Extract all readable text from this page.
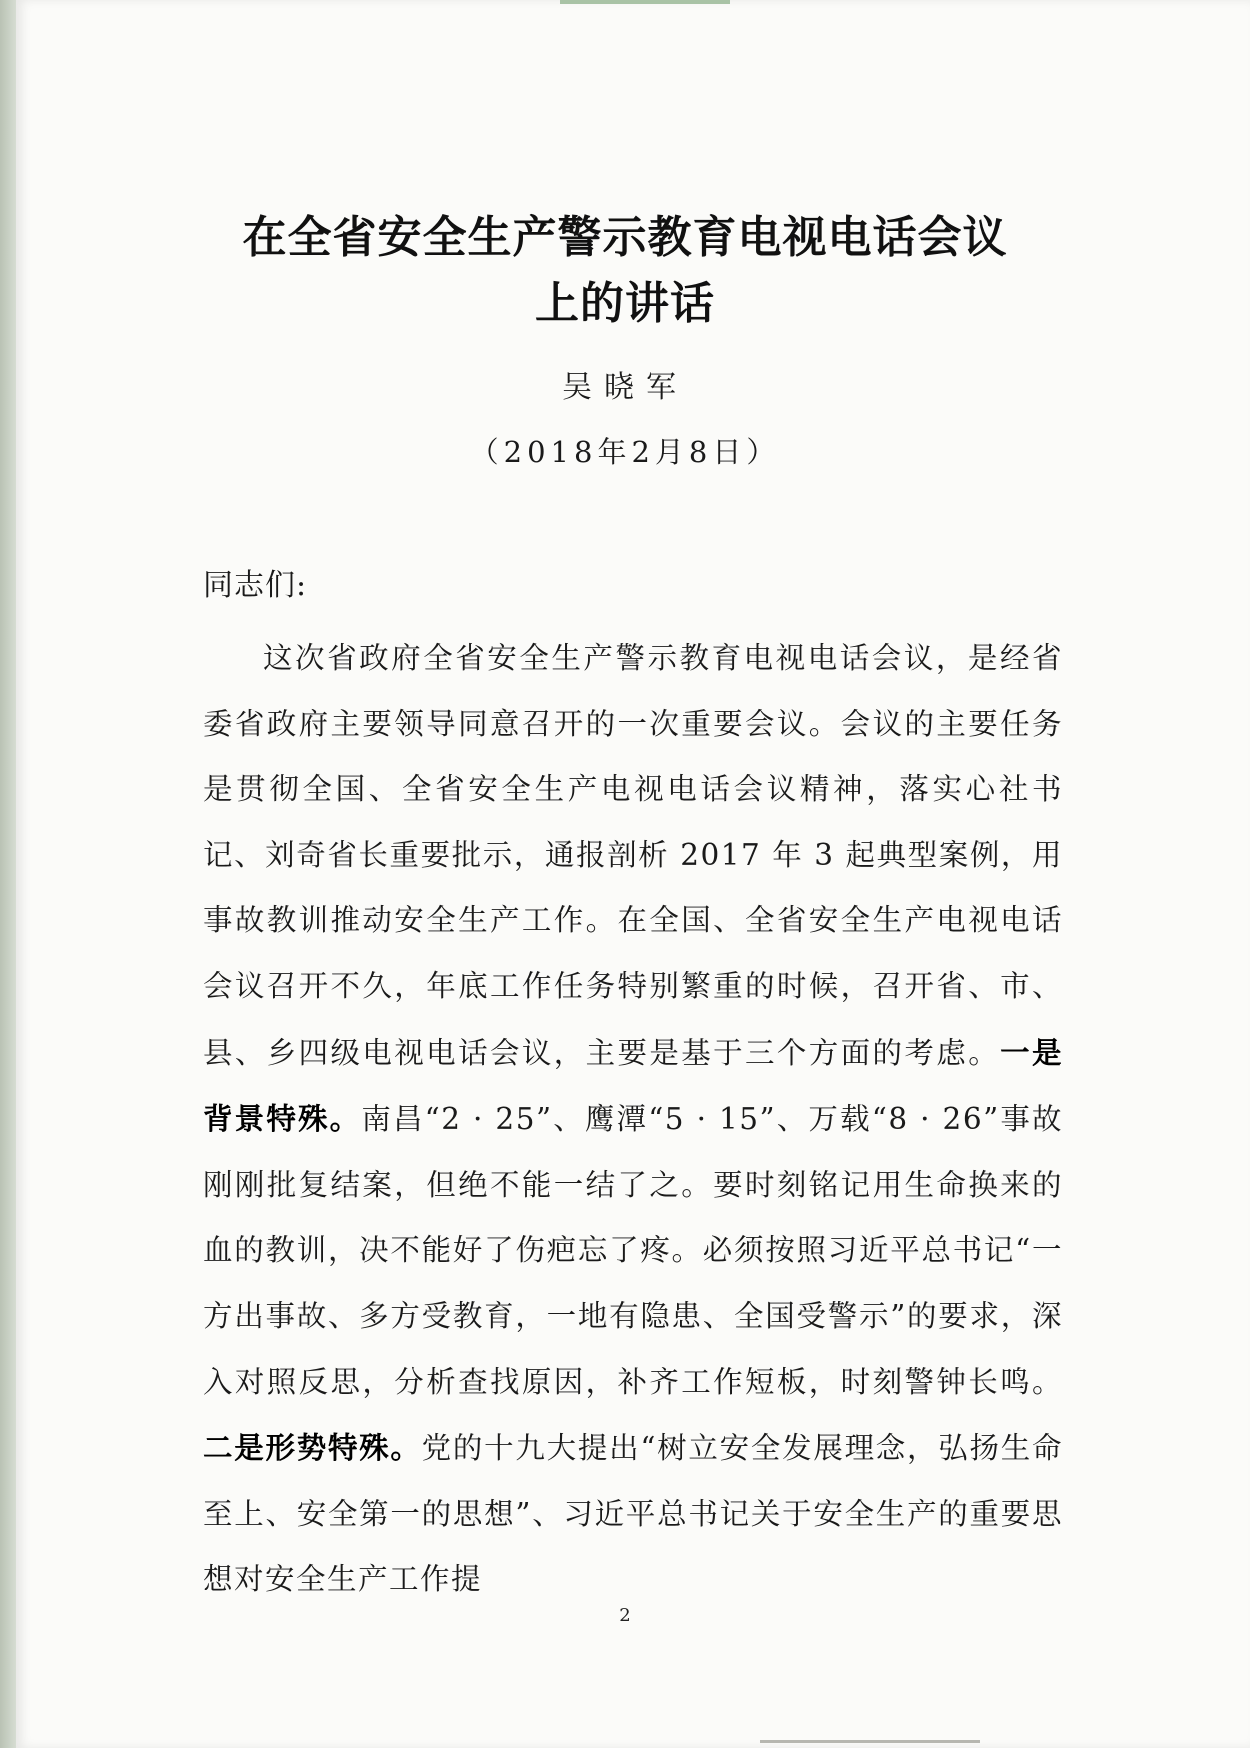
在全省安全生产警示教育电视电话会议
上的讲话
吴晓军
（2018年2月8日）
同志们:

这次省政府全省安全生产警示教育电视电话会议，是经省委省政府主要领导同意召开的一次重要会议。会议的主要任务是贯彻全国、全省安全生产电视电话会议精神，落实心社书记、刘奇省长重要批示，通报剖析 2017 年 3 起典型案例，用事故教训推动安全生产工作。在全国、全省安全生产电视电话会议召开不久，年底工作任务特别繁重的时候，召开省、市、县、乡四级电视电话会议，主要是基于三个方面的考虑。一是背景特殊。南昌“2 · 25”、鹰潭“5 · 15”、万载“8 · 26”事故刚刚批复结案，但绝不能一结了之。要时刻铭记用生命换来的血的教训，决不能好了伤疤忘了疼。必须按照习近平总书记“一方出事故、多方受教育，一地有隐患、全国受警示”的要求，深入对照反思，分析查找原因，补齐工作短板，时刻警钟长鸣。二是形势特殊。党的十九大提出“树立安全发展理念，弘扬生命至上、安全第一的思想”、习近平总书记关于安全生产的重要思想对安全生产工作提

2
